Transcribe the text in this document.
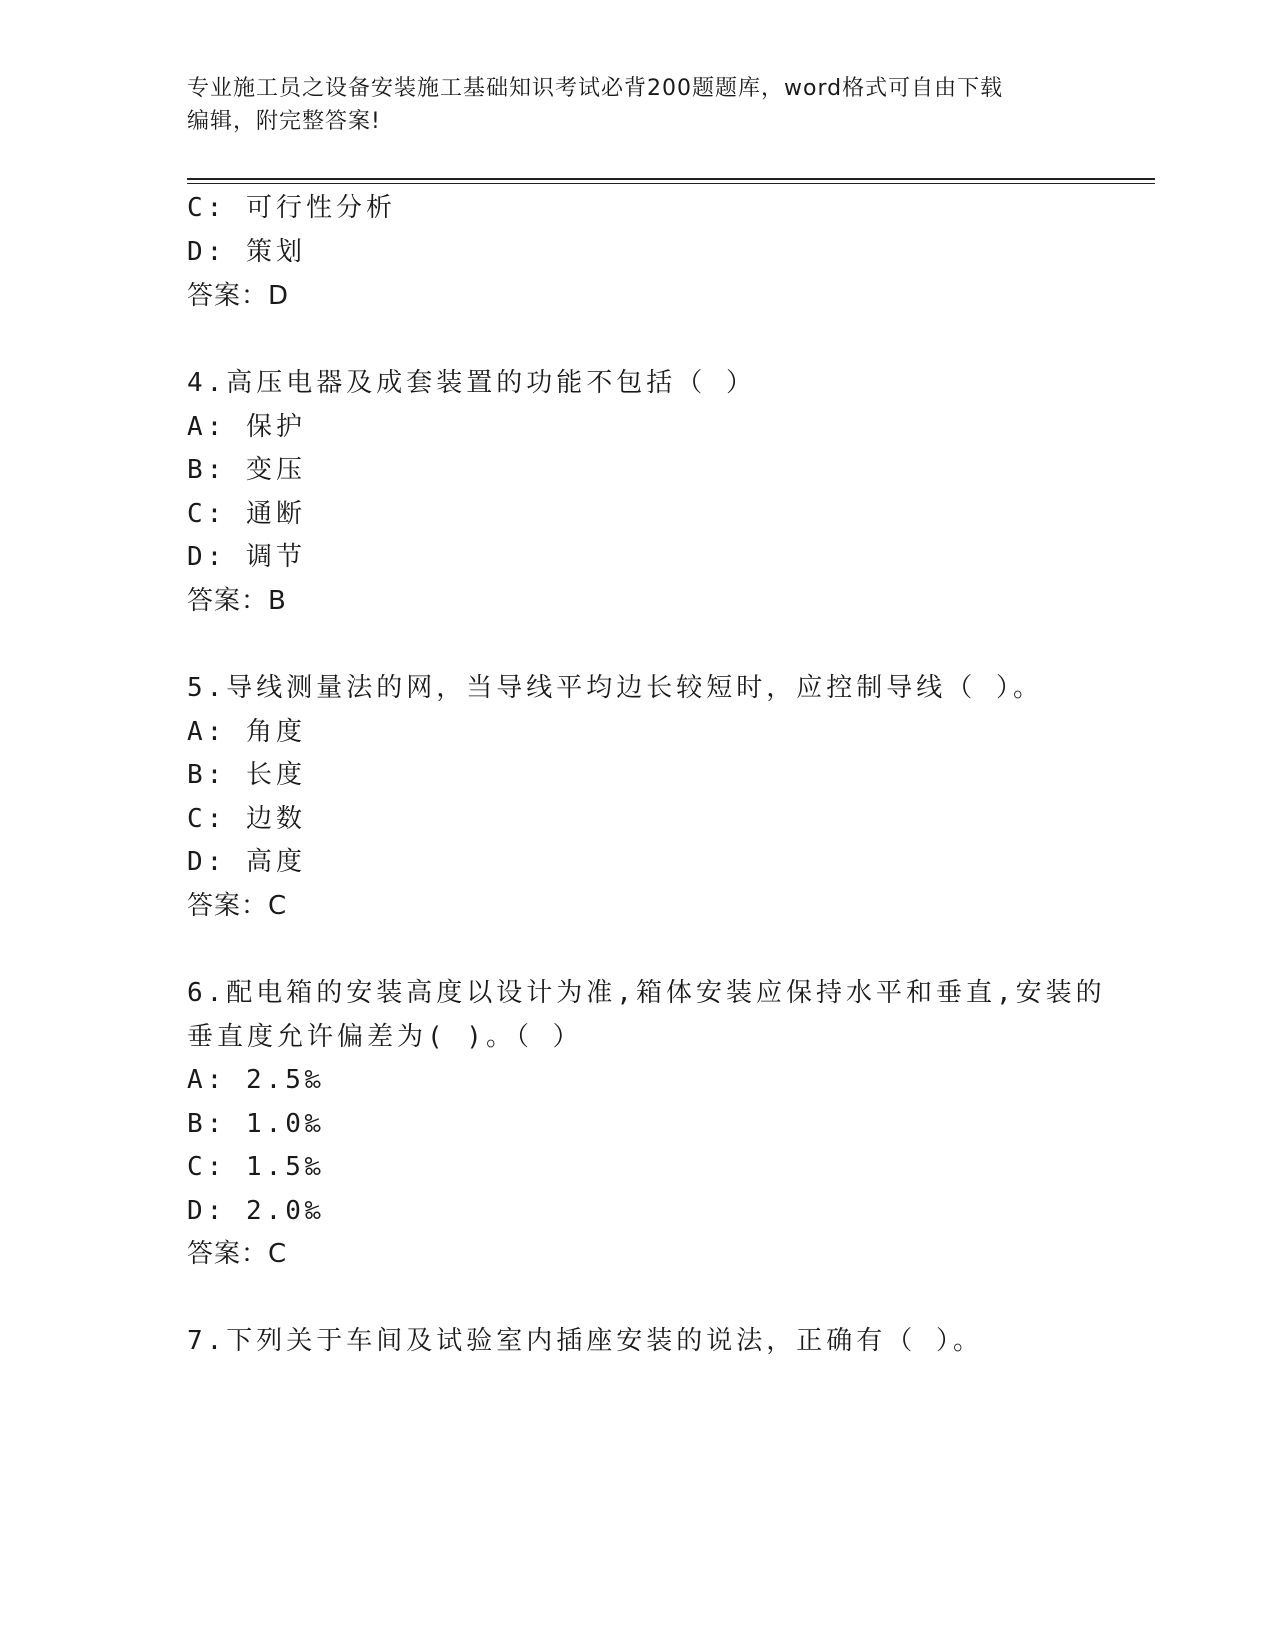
专业施工员之设备安装施工基础知识考试必背200题题库，word格式可自由下载
编辑，附完整答案!
C: 可行性分析
D: 策划
答案：D
4.高压电器及成套装置的功能不包括（ ）
A: 保护
B: 变压
C: 通断
D: 调节
答案：B
5.导线测量法的网，当导线平均边长较短时，应控制导线（ ）。
A: 角度
B: 长度
C: 边数
D: 高度
答案：C
6.配电箱的安装高度以设计为准,箱体安装应保持水平和垂直,安装的
垂直度允许偏差为( )。（ ）
A: 2.5‰
B: 1.0‰
C: 1.5‰
D: 2.0‰
答案：C
7.下列关于车间及试验室内插座安装的说法，正确有（ ）。
